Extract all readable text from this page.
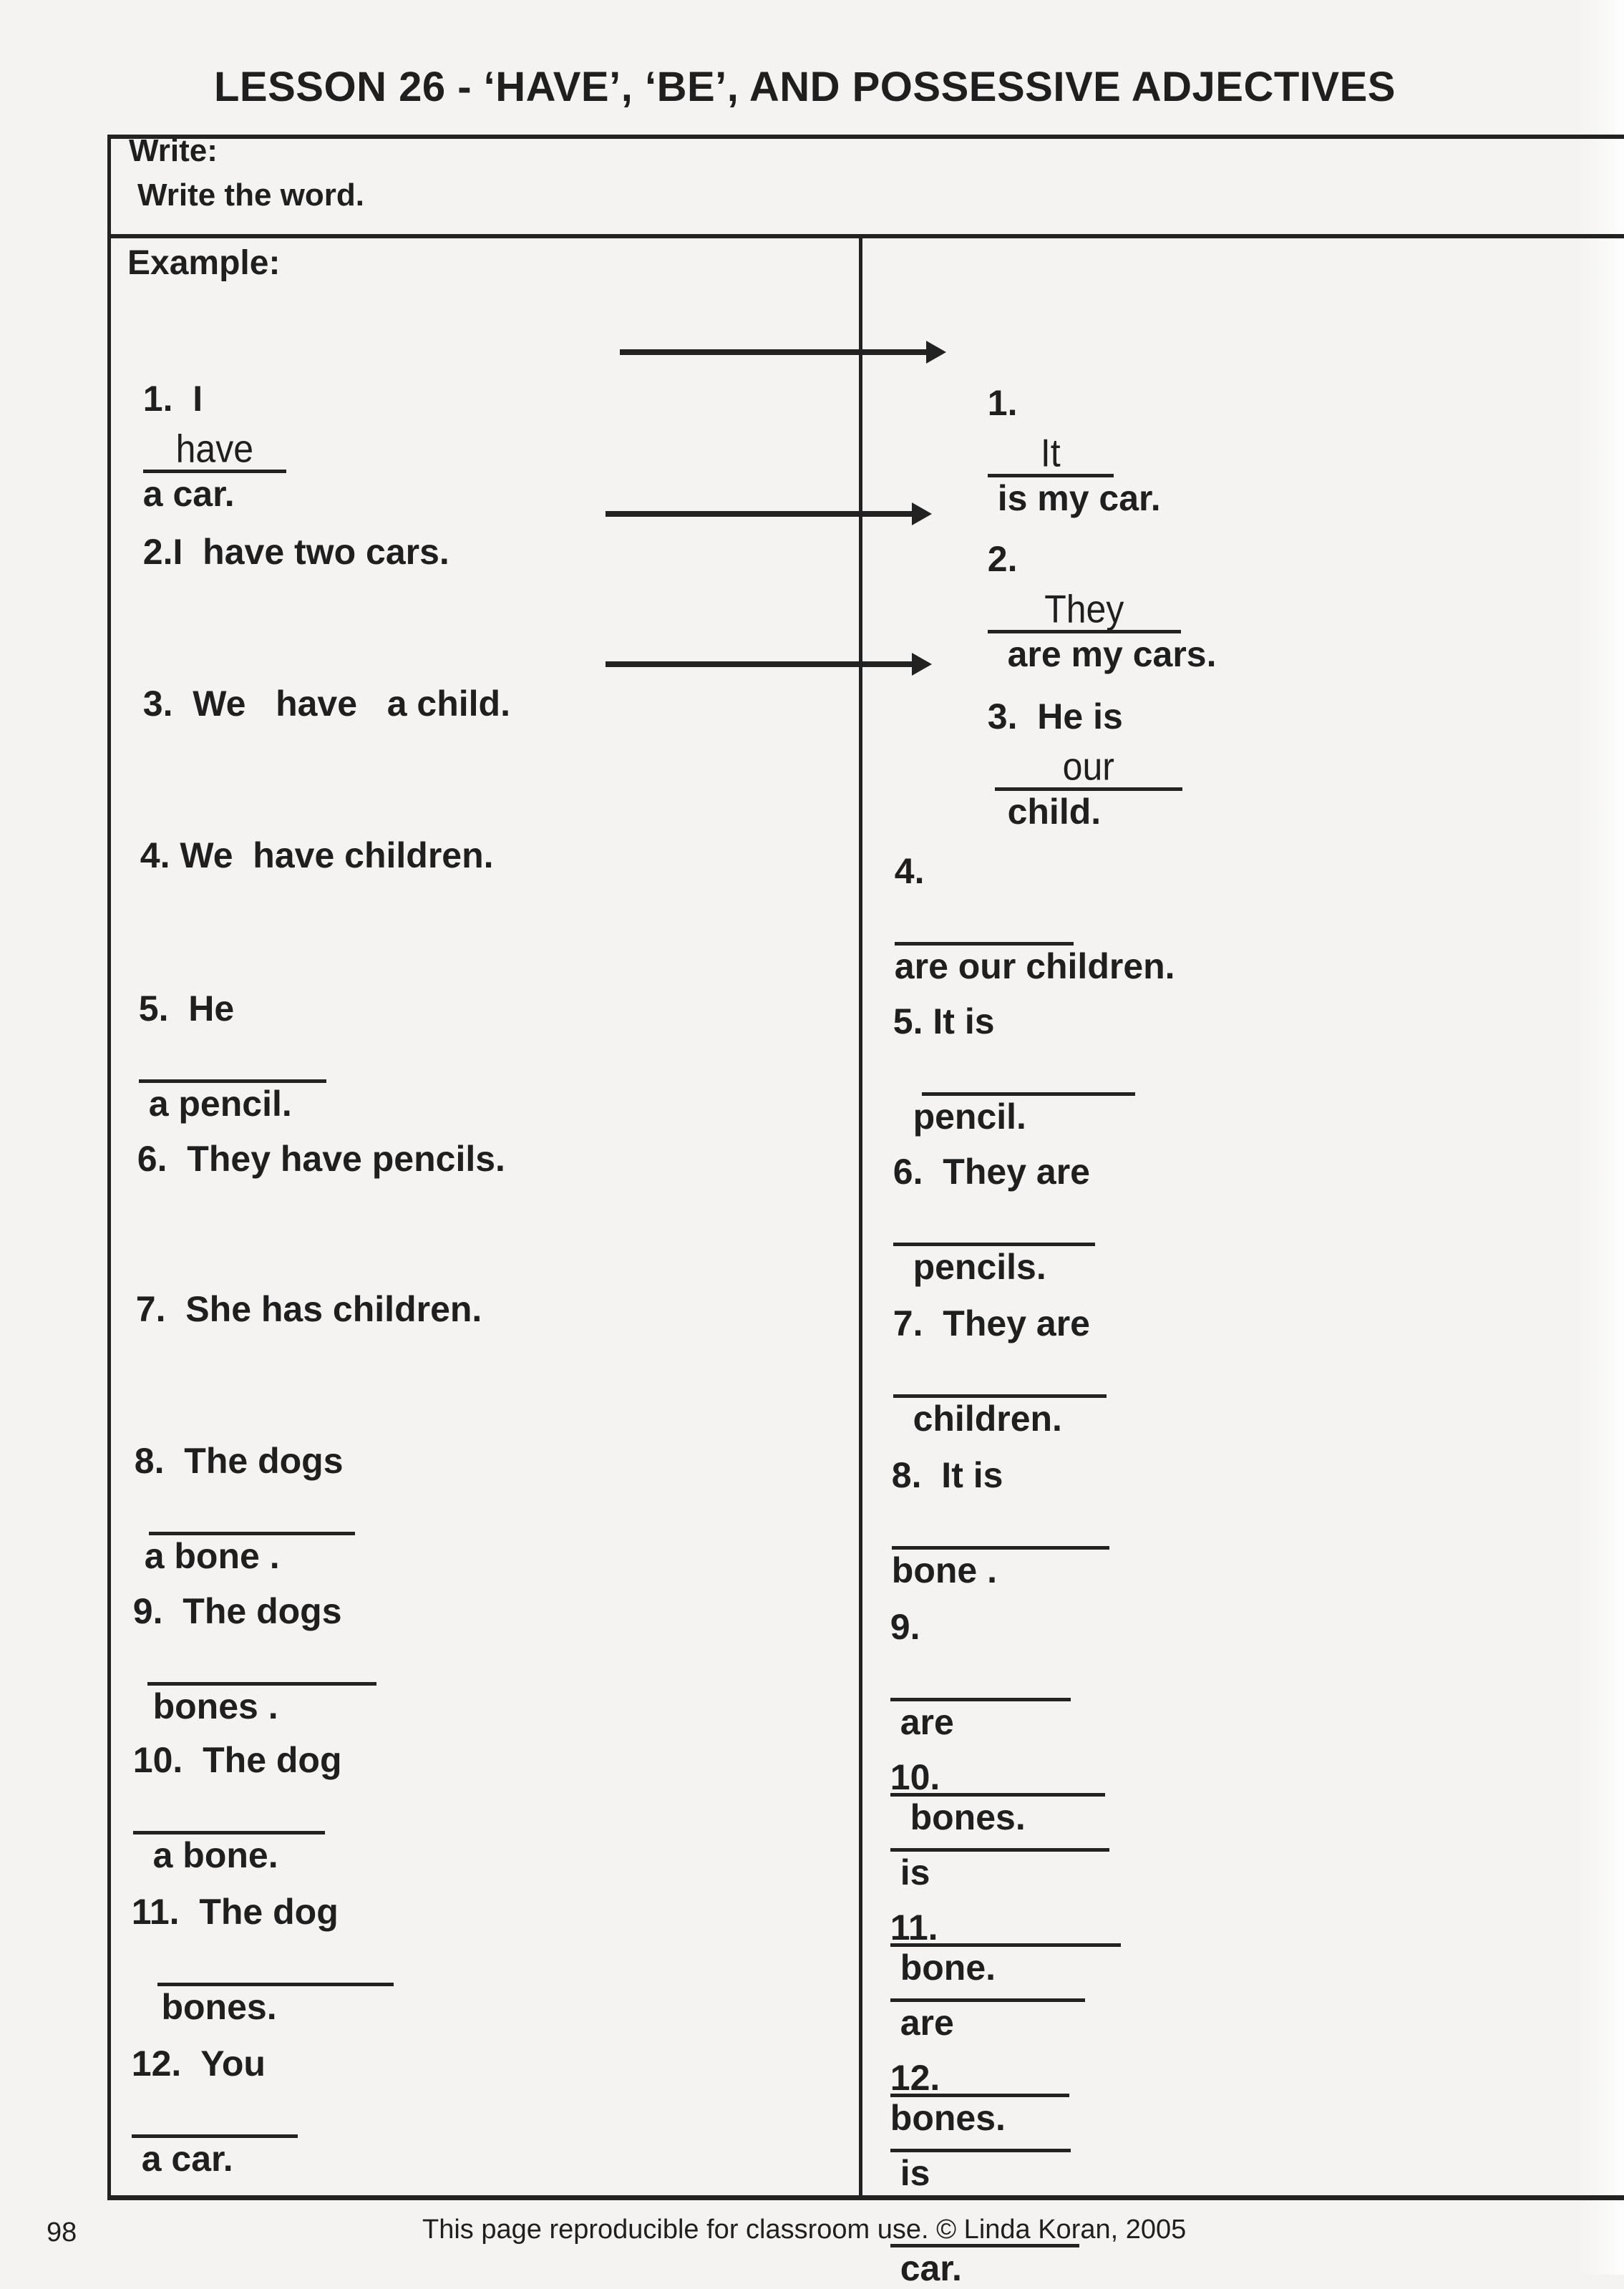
LESSON 26 - ‘HAVE’, ‘BE’, AND POSSESSIVE ADJECTIVES
Write:
Write the word.
Example:

1. I
have
a car.

2.I  have two cars.

3. We   have   a child.

4. We  have children.

5. He

a pencil.

6. They have pencils.

7. She has children.

8. The dogs

a bone .

9. The dogs

bones .

10. The dog

a bone.

11. The dog

bones.

12. You

a car.

1.
It
is my car.

2.
They
are my cars.

3. He is
our
child.

4.

are our children.

5. It is

pencil.

6. They are

pencils.

7. They are

children.

8. It is

bone .

9.

are

bones.

10.

is

bone.

11.

are

bones.

12.

is

car.

98	This page reproducible for classroom use. © Linda Koran, 2005
